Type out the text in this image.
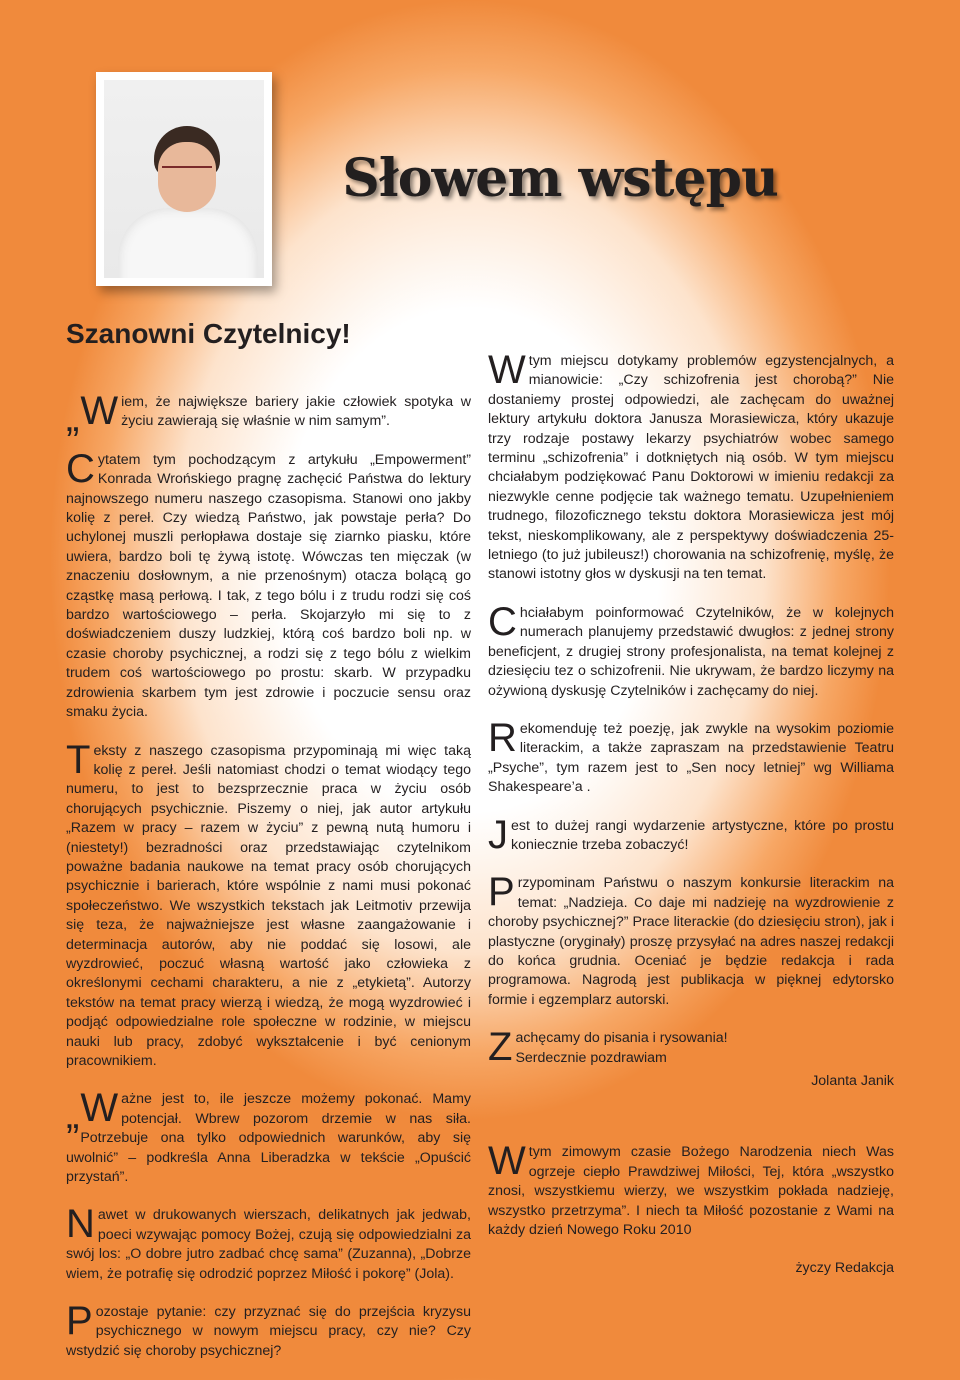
Słowem wstępu
Szanowni Czytelnicy!

„ W iem, że największe bariery jakie człowiek spotyka w życiu zawierają się właśnie w nim samym”.

Cytatem tym pochodzącym z artykułu „Empowerment” Konrada Wrońskiego pragnę zachęcić Państwa do lektury najnowszego numeru naszego czasopisma. Stanowi ono jakby kolię z pereł. Czy wiedzą Państwo, jak powstaje perła? Do uchylonej muszli perłopława dostaje się ziarnko piasku, które uwiera, bardzo boli tę żywą istotę. Wówczas ten mięczak (w znaczeniu dosłownym, a nie przenośnym) otacza bolącą go cząstkę masą perłową. I tak, z tego bólu i z trudu rodzi się coś bardzo wartościowego – perła. Skojarzyło mi się to z doświadczeniem duszy ludzkiej, którą coś bardzo boli np. w czasie choroby psychicznej, a rodzi się z tego bólu z wielkim trudem coś wartościowego po prostu: skarb. W przypadku zdrowienia skarbem tym jest zdrowie i poczucie sensu oraz smaku życia.

Teksty z naszego czasopisma przypominają mi więc taką kolię z pereł. Jeśli natomiast chodzi o temat wiodący tego numeru, to jest to bezsprzecznie praca w życiu osób chorujących psychicznie. Piszemy o niej, jak autor artykułu „Razem w pracy – razem w życiu” z pewną nutą humoru i (niestety!) bezradności oraz przedstawiając czytelnikom poważne badania naukowe na temat pracy osób chorujących psychicznie i barierach, które wspólnie z nami musi pokonać społeczeństwo. We wszystkich tekstach jak Leitmotiv przewija się teza, że najważniejsze jest własne zaangażowanie i determinacja autorów, aby nie poddać się losowi, ale wyzdrowieć, poczuć własną wartość jako człowieka z określonymi cechami charakteru, a nie z „etykietą”. Autorzy tekstów na temat pracy wierzą i wiedzą, że mogą wyzdrowieć i podjąć odpowiedzialne role społeczne w rodzinie, w miejscu nauki lub pracy, zdobyć wykształcenie i być cenionym pracownikiem.

„ W ażne jest to, ile jeszcze możemy pokonać. Mamy potencjał. Wbrew pozorom drzemie w nas siła. Potrzebuje ona tylko odpowiednich warunków, aby się uwolnić” – podkreśla Anna Liberadzka w tekście „Opuścić przystań”.

Nawet w drukowanych wierszach, delikatnych jak jedwab, poeci wzywając pomocy Bożej, czują się odpowiedzialni za swój los: „O dobre jutro zadbać chcę sama” (Zuzanna), „Dobrze wiem, że potrafię się odrodzić poprzez Miłość i pokorę” (Jola).

Pozostaje pytanie: czy przyznać się do przejścia kryzysu psychicznego w nowym miejscu pracy, czy nie? Czy wstydzić się choroby psychicznej?

W tym miejscu dotykamy problemów egzystencjalnych, a mianowicie: „Czy schizofrenia jest chorobą?” Nie dostaniemy prostej odpowiedzi, ale zachęcam do uważnej lektury artykułu doktora Janusza Morasiewicza, który ukazuje trzy rodzaje postawy lekarzy psychiatrów wobec samego terminu „schizofrenia” i dotkniętych nią osób. W tym miejscu chciałabym podziękować Panu Doktorowi w imieniu redakcji za niezwykle cenne podjęcie tak ważnego tematu. Uzupełnieniem trudnego, filozoficznego tekstu doktora Morasiewicza jest mój tekst, nieskomplikowany, ale z perspektywy doświadczenia 25-letniego (to już jubileusz!) chorowania na schizofrenię, myślę, że stanowi istotny głos w dyskusji na ten temat.

Chciałabym poinformować Czytelników, że w kolejnych numerach planujemy przedstawić dwugłos: z jednej strony beneficjent, z drugiej strony profesjonalista, na temat kolejnej z dziesięciu tez o schizofrenii. Nie ukrywam, że bardzo liczymy na ożywioną dyskusję Czytelników i zachęcamy do niej.

Rekomenduję też poezję, jak zwykle na wysokim poziomie literackim, a także zapraszam na przedstawienie Teatru „Psyche”, tym razem jest to „Sen nocy letniej” wg Williama Shakespeare’a .

Jest to dużej rangi wydarzenie artystyczne, które po prostu koniecznie trzeba zobaczyć!

Przypominam Państwu o naszym konkursie literackim na temat: „Nadzieja. Co daje mi nadzieję na wyzdrowienie z choroby psychicznej?” Prace literackie (do dziesięciu stron), jak i plastyczne (oryginały) proszę przysyłać na adres naszej redakcji do końca grudnia. Oceniać je będzie redakcja i rada programowa. Nagrodą jest publikacja w pięknej edytorsko formie i egzemplarz autorski.

Zachęcamy do pisania i rysowania!
Serdecznie pozdrawiam

Jolanta Janik

W tym zimowym czasie Bożego Narodzenia niech Was ogrzeje ciepło Prawdziwej Miłości, Tej, która „wszystko znosi, wszystkiemu wierzy, we wszystkim pokłada nadzieję, wszystko przetrzyma”. I niech ta Miłość pozostanie z Wami na każdy dzień Nowego Roku 2010

życzy Redakcja
